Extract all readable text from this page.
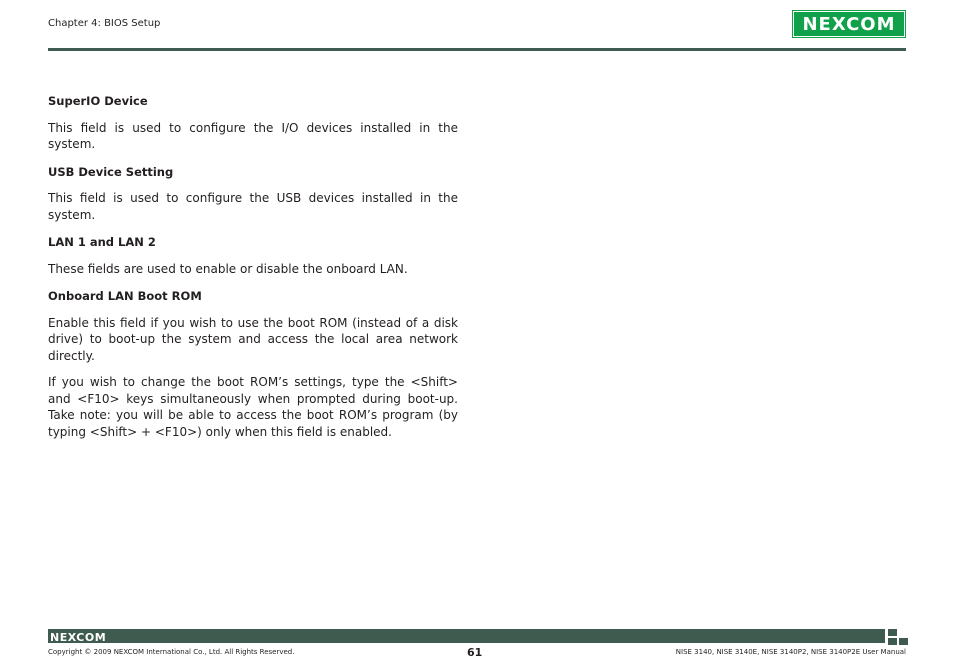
Chapter 4: BIOS Setup	NEXCOM
SuperIO Device

This field is used to configure the I/O devices installed in the system.

USB Device Setting

This field is used to configure the USB devices installed in the system.

LAN 1 and LAN 2

These fields are used to enable or disable the onboard LAN.

Onboard LAN Boot ROM

Enable this field if you wish to use the boot ROM (instead of a disk drive) to boot-up the system and access the local area network directly.

If you wish to change the boot ROM’s settings, type the <Shift> and <F10> keys simultaneously when prompted during boot-up. Take note: you will be able to access the boot ROM’s program (by typing <Shift> + <F10>) only when this field is enabled.

NEXCOM
Copyright © 2009 NEXCOM International Co., Ltd. All Rights Reserved.	61	NISE 3140, NISE 3140E, NISE 3140P2, NISE 3140P2E User Manual
